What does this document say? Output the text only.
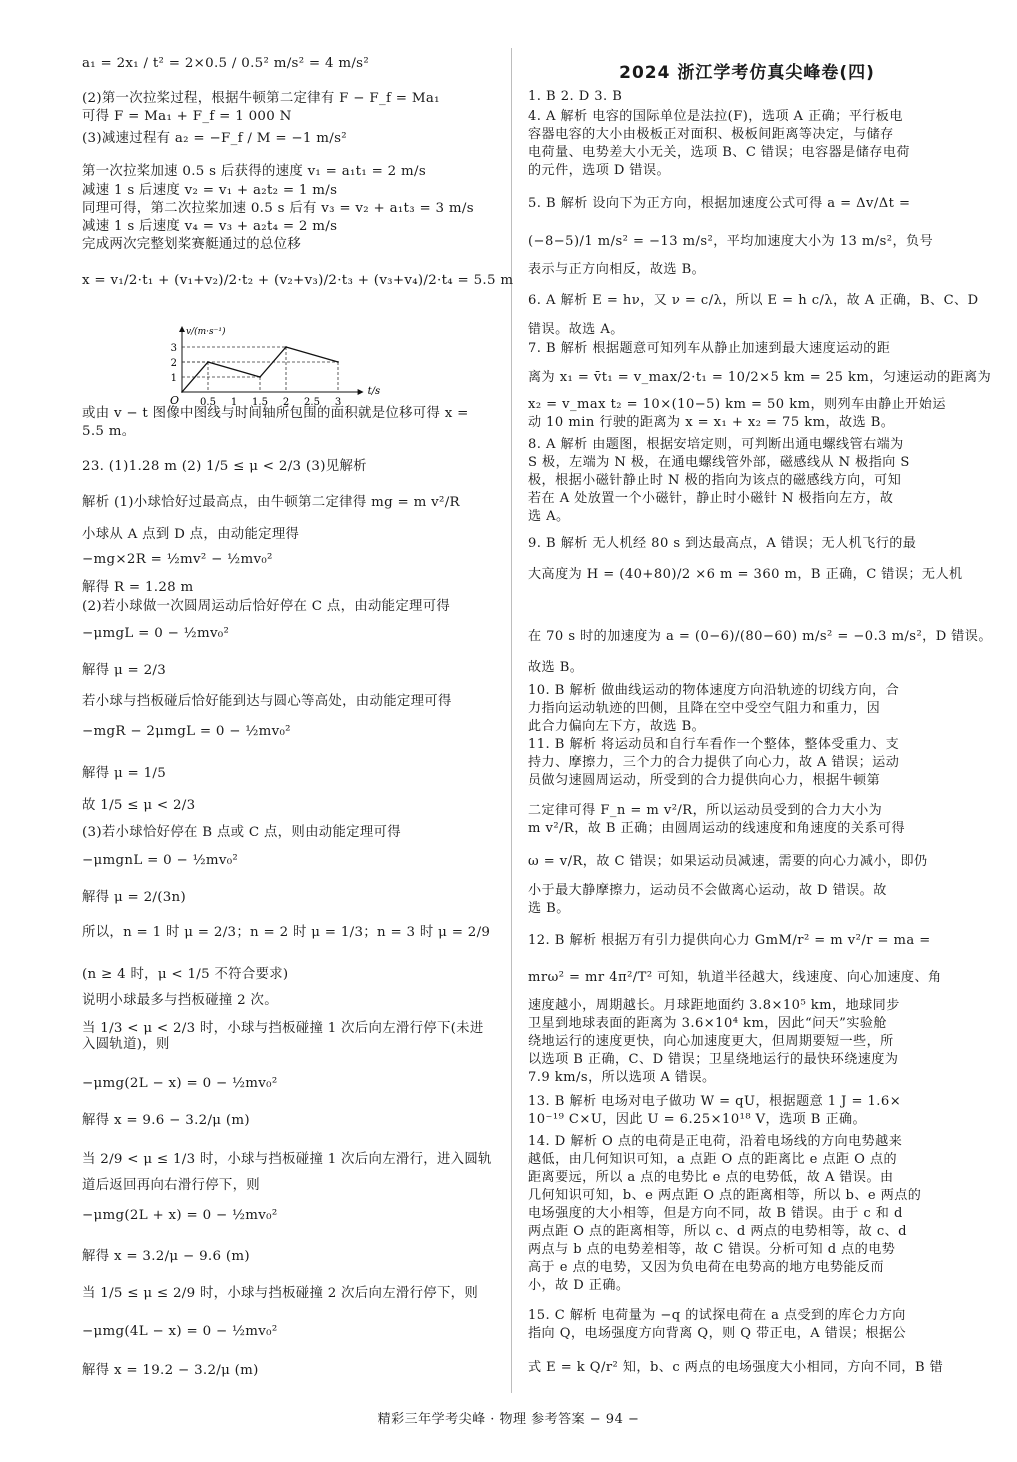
a₁ = 2x₁ / t² = 2×0.5 / 0.5² m/s² = 4 m/s²
(2)第一次拉桨过程，根据牛顿第二定律有 F − F_f = Ma₁
可得 F = Ma₁ + F_f = 1 000 N
(3)减速过程有 a₂ = −F_f / M = −1 m/s²
第一次拉桨加速 0.5 s 后获得的速度 v₁ = a₁t₁ = 2 m/s
减速 1 s 后速度 v₂ = v₁ + a₂t₂ = 1 m/s
同理可得，第二次拉桨加速 0.5 s 后有 v₃ = v₂ + a₁t₃ = 3 m/s
减速 1 s 后速度 v₄ = v₃ + a₂t₄ = 2 m/s
完成两次完整划桨赛艇通过的总位移
x = v₁/2·t₁ + (v₁+v₂)/2·t₂ + (v₂+v₃)/2·t₃ + (v₃+v₄)/2·t₄ = 5.5 m
或由 v − t 图像中图线与时间轴所包围的面积就是位移可得 x =
5.5 m。
23. (1)1.28 m (2) 1/5 ≤ μ < 2/3 (3)见解析
解析 (1)小球恰好过最高点，由牛顿第二定律得 mg = m v²/R
小球从 A 点到 D 点，由动能定理得
−mg×2R = ½mv² − ½mv₀²
解得 R = 1.28 m
(2)若小球做一次圆周运动后恰好停在 C 点，由动能定理可得
−μmgL = 0 − ½mv₀²
解得 μ = 2/3
若小球与挡板碰后恰好能到达与圆心等高处，由动能定理可得
−mgR − 2μmgL = 0 − ½mv₀²
解得 μ = 1/5
故 1/5 ≤ μ < 2/3
(3)若小球恰好停在 B 点或 C 点，则由动能定理可得
−μmgnL = 0 − ½mv₀²
解得 μ = 2/(3n)
所以，n = 1 时 μ = 2/3；n = 2 时 μ = 1/3；n = 3 时 μ = 2/9
(n ≥ 4 时，μ < 1/5 不符合要求)
说明小球最多与挡板碰撞 2 次。
当 1/3 < μ < 2/3 时，小球与挡板碰撞 1 次后向左滑行停下(未进
入圆轨道)，则
−μmg(2L − x) = 0 − ½mv₀²
解得 x = 9.6 − 3.2/μ (m)
当 2/9 < μ ≤ 1/3 时，小球与挡板碰撞 1 次后向左滑行，进入圆轨
道后返回再向右滑行停下，则
−μmg(2L + x) = 0 − ½mv₀²
解得 x = 3.2/μ − 9.6 (m)
当 1/5 ≤ μ ≤ 2/9 时，小球与挡板碰撞 2 次后向左滑行停下，则
−μmg(4L − x) = 0 − ½mv₀²
解得 x = 19.2 − 3.2/μ (m)
2024 浙江学考仿真尖峰卷(四)
1. B 2. D 3. B
4. A 解析 电容的国际单位是法拉(F)，选项 A 正确；平行板电
容器电容的大小由极板正对面积、极板间距离等决定，与储存
电荷量、电势差大小无关，选项 B、C 错误；电容器是储存电荷
的元件，选项 D 错误。
5. B 解析 设向下为正方向，根据加速度公式可得 a = Δv/Δt =
(−8−5)/1 m/s² = −13 m/s²，平均加速度大小为 13 m/s²，负号
表示与正方向相反，故选 B。
6. A 解析 E = hν，又 ν = c/λ，所以 E = h c/λ，故 A 正确，B、C、D
错误。故选 A。
7. B 解析 根据题意可知列车从静止加速到最大速度运动的距
离为 x₁ = v̄t₁ = v_max/2·t₁ = 10/2×5 km = 25 km，匀速运动的距离为
x₂ = v_max t₂ = 10×(10−5) km = 50 km，则列车由静止开始运
动 10 min 行驶的距离为 x = x₁ + x₂ = 75 km，故选 B。
8. A 解析 由题图，根据安培定则，可判断出通电螺线管右端为
S 极，左端为 N 极，在通电螺线管外部，磁感线从 N 极指向 S
极，根据小磁针静止时 N 极的指向为该点的磁感线方向，可知
若在 A 处放置一个小磁针，静止时小磁针 N 极指向左方，故
选 A。
9. B 解析 无人机经 80 s 到达最高点，A 错误；无人机飞行的最
大高度为 H = (40+80)/2 ×6 m = 360 m，B 正确，C 错误；无人机
在 70 s 时的加速度为 a = (0−6)/(80−60) m/s² = −0.3 m/s²，D 错误。
故选 B。
10. B 解析 做曲线运动的物体速度方向沿轨迹的切线方向，合
力指向运动轨迹的凹侧，且降在空中受空气阻力和重力，因
此合力偏向左下方，故选 B。
11. B 解析 将运动员和自行车看作一个整体，整体受重力、支
持力、摩擦力，三个力的合力提供了向心力，故 A 错误；运动
员做匀速圆周运动，所受到的合力提供向心力，根据牛顿第
二定律可得 F_n = m v²/R，所以运动员受到的合力大小为
m v²/R，故 B 正确；由圆周运动的线速度和角速度的关系可得
ω = v/R，故 C 错误；如果运动员减速，需要的向心力减小，即仍
小于最大静摩擦力，运动员不会做离心运动，故 D 错误。故
选 B。
12. B 解析 根据万有引力提供向心力 GmM/r² = m v²/r = ma =
mrω² = mr 4π²/T² 可知，轨道半径越大，线速度、向心加速度、角
速度越小，周期越长。月球距地面约 3.8×10⁵ km，地球同步
卫星到地球表面的距离为 3.6×10⁴ km，因此“问天”实验舱
绕地运行的速度更快，向心加速度更大，但周期要短一些，所
以选项 B 正确，C、D 错误；卫星绕地运行的最快环绕速度为
7.9 km/s，所以选项 A 错误。
13. B 解析 电场对电子做功 W = qU，根据题意 1 J = 1.6×
10⁻¹⁹ C×U，因此 U = 6.25×10¹⁸ V，选项 B 正确。
14. D 解析 O 点的电荷是正电荷，沿着电场线的方向电势越来
越低，由几何知识可知，a 点距 O 点的距离比 e 点距 O 点的
距离要远，所以 a 点的电势比 e 点的电势低，故 A 错误。由
几何知识可知，b、e 两点距 O 点的距离相等，所以 b、e 两点的
电场强度的大小相等，但是方向不同，故 B 错误。由于 c 和 d
两点距 O 点的距离相等，所以 c、d 两点的电势相等，故 c、d
两点与 b 点的电势差相等，故 C 错误。分析可知 d 点的电势
高于 e 点的电势，又因为负电荷在电势高的地方电势能反而
小，故 D 正确。
15. C 解析 电荷量为 −q 的试探电荷在 a 点受到的库仑力方向
指向 Q，电场强度方向背离 Q，则 Q 带正电，A 错误；根据公
式 E = k Q/r² 知，b、c 两点的电场强度大小相同，方向不同，B 错
t/s
v/(m·s⁻¹)
O 0.5 1 1.5 2 2.5 3
1
2
3
精彩三年学考尖峰 · 物理 参考答案 − 94 −
